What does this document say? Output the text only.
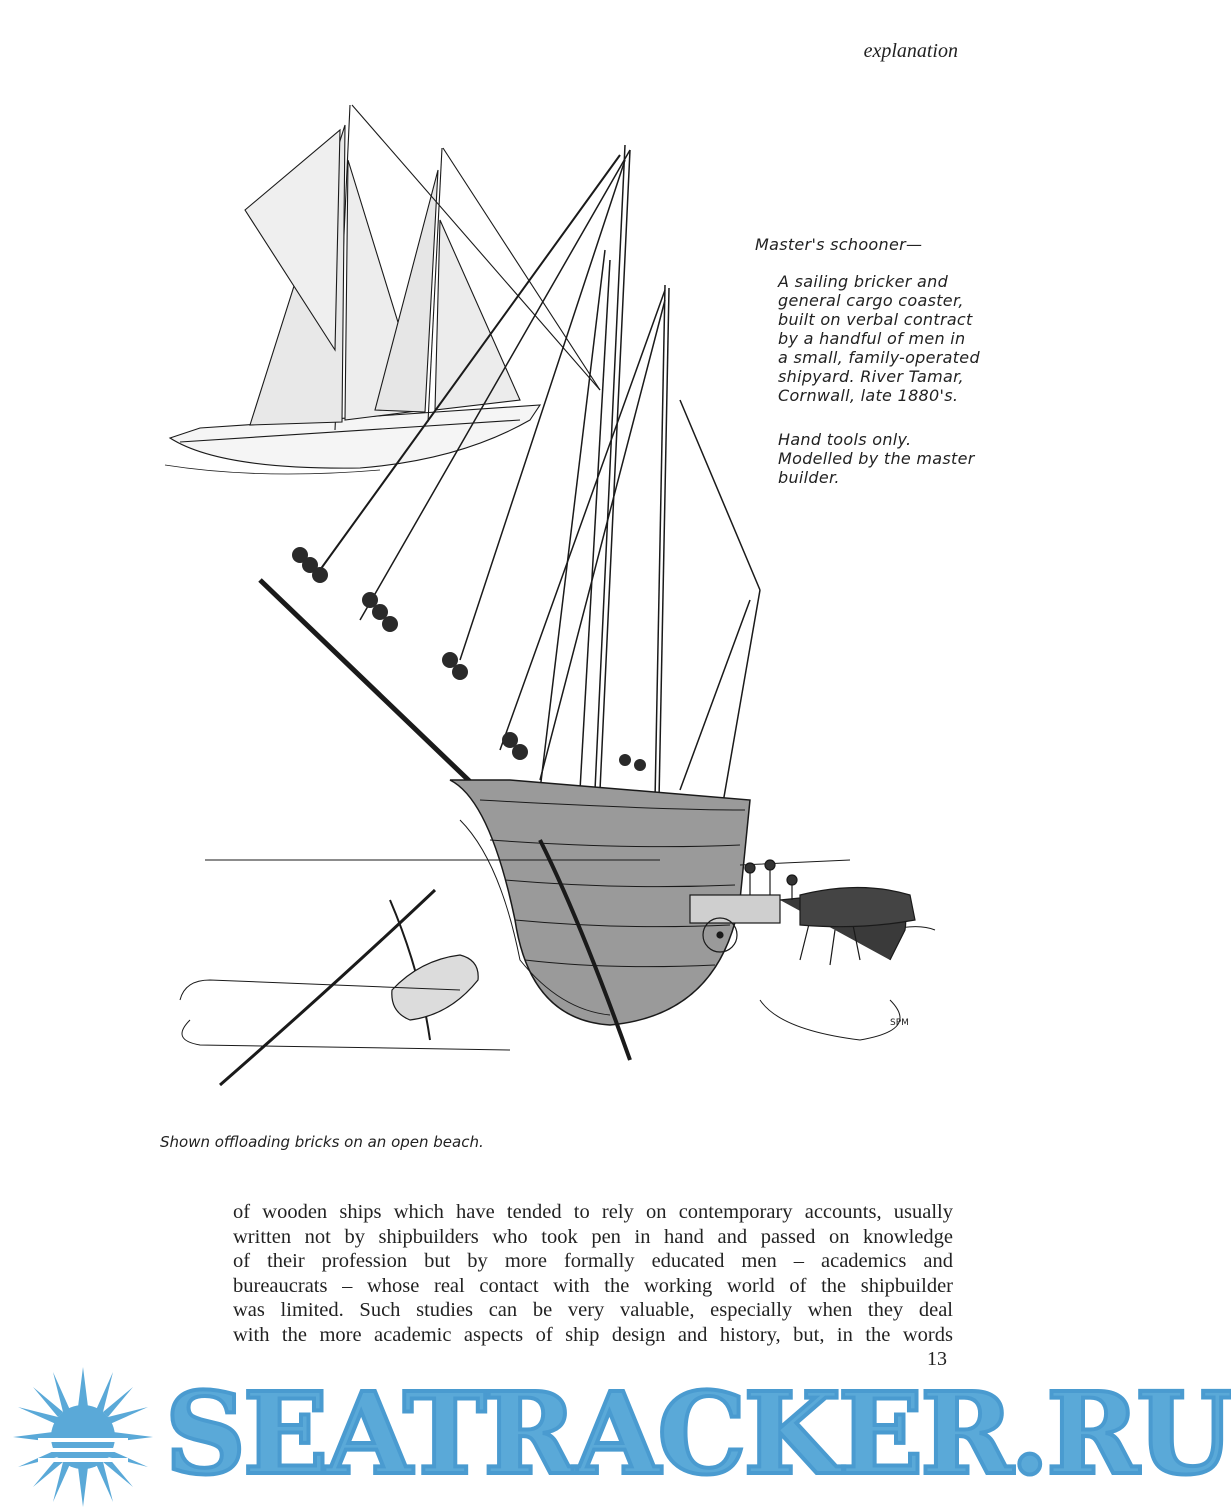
explanation
SPM
Master's schooner—
A sailing bricker and
general cargo coaster,
built on verbal contract
by a handful of men in
a small, family-operated
shipyard. River Tamar,
Cornwall, late 1880's.
Hand tools only.
Modelled by the master
builder.
Shown offloading bricks on an open beach.
of wooden ships which have tended to rely on contemporary accounts, usually
written not by shipbuilders who took pen in hand and passed on knowledge
of their profession but by more formally educated men – academics and
bureaucrats – whose real contact with the working world of the shipbuilder
was limited. Such studies can be very valuable, especially when they deal
with the more academic aspects of ship design and history, but, in the words
13
SEATRACKER.RU
